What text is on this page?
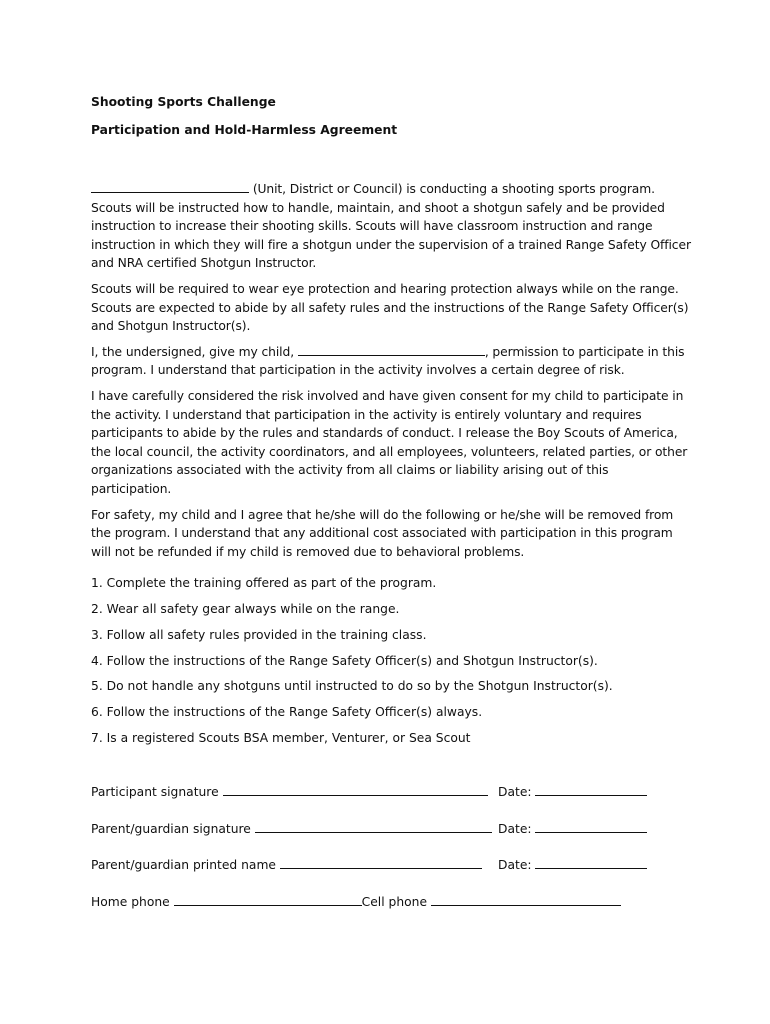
Shooting Sports Challenge
Participation and Hold-Harmless Agreement

(Unit, District or Council) is conducting a shooting sports program. Scouts will be instructed how to handle, maintain, and shoot a shotgun safely and be provided instruction to increase their shooting skills. Scouts will have classroom instruction and range instruction in which they will fire a shotgun under the supervision of a trained Range Safety Officer and NRA certified Shotgun Instructor.

Scouts will be required to wear eye protection and hearing protection always while on the range. Scouts are expected to abide by all safety rules and the instructions of the Range Safety Officer(s) and Shotgun Instructor(s).

I, the undersigned, give my child,	, permission to participate in this program. I understand that participation in the activity involves a certain degree of risk.

I have carefully considered the risk involved and have given consent for my child to participate in the activity. I understand that participation in the activity is entirely voluntary and requires participants to abide by the rules and standards of conduct. I release the Boy Scouts of America, the local council, the activity coordinators, and all employees, volunteers, related parties, or other organizations associated with the activity from all claims or liability arising out of this participation.

For safety, my child and I agree that he/she will do the following or he/she will be removed from the program. I understand that any additional cost associated with participation in this program will not be refunded if my child is removed due to behavioral problems.

1. Complete the training offered as part of the program.
2. Wear all safety gear always while on the range.
3. Follow all safety rules provided in the training class.
4. Follow the instructions of the Range Safety Officer(s) and Shotgun Instructor(s).
5. Do not handle any shotguns until instructed to do so by the Shotgun Instructor(s).
6. Follow the instructions of the Range Safety Officer(s) always.
7. Is a registered Scouts BSA member, Venturer, or Sea Scout
Participant signature	Date:
Parent/guardian signature	Date:
Parent/guardian printed name	Date:
Home phone	Cell phone
